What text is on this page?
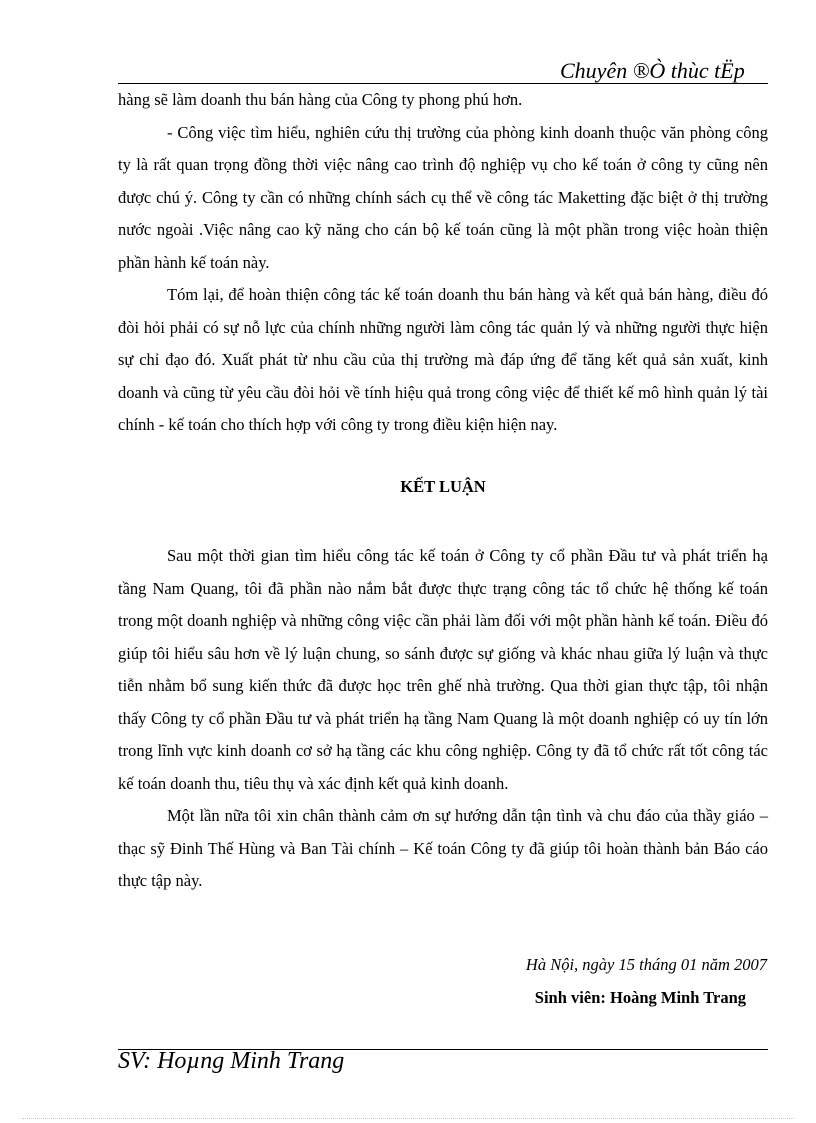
Chuyên ®Ò thùc tËp

hàng sẽ làm doanh thu bán hàng của Công ty phong phú hơn.

- Công việc tìm hiểu, nghiên cứu thị trường của phòng kinh doanh thuộc văn phòng công ty là rất quan trọng đồng thời việc nâng cao trình độ nghiệp vụ cho kế toán ở công ty cũng nên được chú ý. Công ty cần có những chính sách cụ thể về công tác Maketting đặc biệt ở thị trường nước ngoài .Việc nâng cao kỹ năng cho cán bộ kế toán cũng là một phần trong việc hoàn thiện phần hành kế toán này.

Tóm lại, để hoàn thiện công tác kế toán doanh thu bán hàng và kết quả bán hàng, điều đó đòi hỏi phải có sự nỗ lực của chính những người làm công tác quản lý và những người thực hiện sự chỉ đạo đó. Xuất phát từ nhu cầu của thị trường mà đáp ứng để tăng kết quả sản xuất, kinh doanh và cũng từ yêu cầu đòi hỏi về tính hiệu quả trong công việc để thiết kế mô hình quản lý tài chính - kế toán cho thích hợp với công ty trong điều kiện hiện nay.

KẾT LUẬN

Sau một thời gian tìm hiểu công tác kế toán ở Công ty cổ phần Đầu tư và phát triển hạ tầng Nam Quang, tôi đã phần nào nắm bắt được thực trạng công tác tổ chức hệ thống kế toán trong một doanh nghiệp và những công việc cần phải làm đối với một phần hành kế toán. Điều đó giúp tôi hiểu sâu hơn về lý luận chung, so sánh được sự giống và khác nhau giữa lý luận và thực tiễn nhằm bổ sung kiến thức đã được học trên ghế nhà trường. Qua thời gian thực tập, tôi nhận thấy Công ty cổ phần Đầu tư và phát triển hạ tầng Nam Quang là một doanh nghiệp có uy tín lớn trong lĩnh vực kinh doanh cơ sở hạ tầng các khu công nghiệp. Công ty đã tổ chức rất tốt công tác kế toán doanh thu, tiêu thụ và xác định kết quả kinh doanh.

Một lần nữa tôi xin chân thành cảm ơn sự hướng dẫn tận tình và chu đáo của thầy giáo – thạc sỹ Đinh Thế Hùng và Ban Tài chính – Kế toán Công ty đã giúp tôi hoàn thành bản Báo cáo thực tập này.

Hà Nội, ngày 15 tháng 01 năm 2007
Sinh viên: Hoàng Minh Trang
SV: Hoµng Minh Trang
